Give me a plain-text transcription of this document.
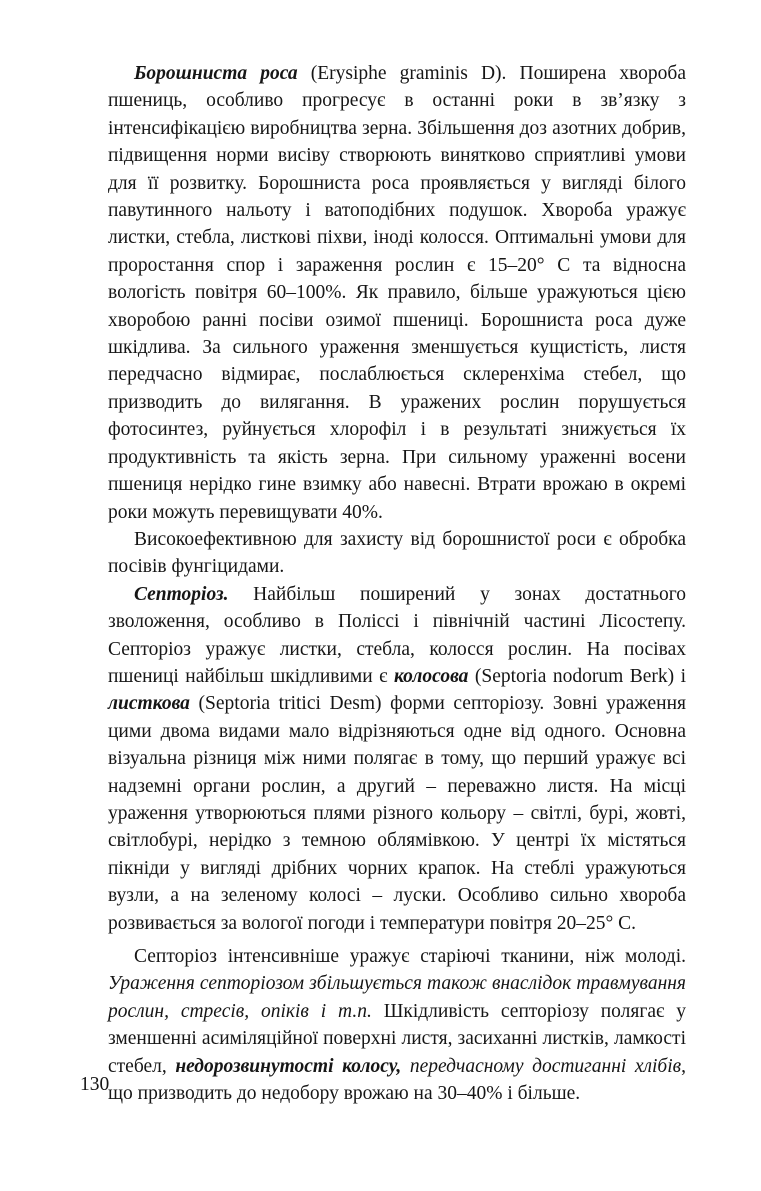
Борошниста роса (Erysiphe graminis D). Поширена хвороба пшениць, особливо прогресує в останні роки в зв’язку з інтенсифікацією виробництва зерна. Збільшення доз азотних добрив, підвищення норми висіву створюють винятково сприятливі умови для її розвитку. Борошниста роса проявляється у вигляді білого павутинного нальоту і ватоподібних подушок. Хвороба уражує листки, стебла, листкові піхви, іноді колосся. Оптимальні умови для проростання спор і зараження рослин є 15–20° С та відносна вологість повітря 60–100%. Як правило, більше уражуються цією хворобою ранні посіви озимої пшениці. Борошниста роса дуже шкідлива. За сильного ураження зменшується кущистість, листя передчасно відмирає, послаблюється склеренхіма стебел, що призводить до вилягання. В уражених рослин порушується фотосинтез, руйнується хлорофіл і в результаті знижується їх продуктивність та якість зерна. При сильному ураженні восени пшениця нерідко гине взимку або навесні. Втрати врожаю в окремі роки можуть перевищувати 40%.

Високоефективною для захисту від борошнистої роси є обробка посівів фунгіцидами.

Септоріоз. Найбільш поширений у зонах достатнього зволоження, особливо в Поліссі і північній частині Лісостепу. Септоріоз уражує листки, стебла, колосся рослин. На посівах пшениці найбільш шкідливими є колосова (Septoria nodorum Berk) і листкова (Septoria tritici Desm) форми септоріозу. Зовні ураження цими двома видами мало відрізняються одне від одного. Основна візуальна різниця між ними полягає в тому, що перший уражує всі надземні органи рослин, а другий – переважно листя. На місці ураження утворюються плями різного кольору – світлі, бурі, жовті, світлобурі, нерідко з темною облямівкою. У центрі їх містяться пікніди у вигляді дрібних чорних крапок. На стеблі уражуються вузли, а на зеленому колосі – луски. Особливо сильно хвороба розвивається за вологої погоди і температури повітря 20–25° С.

Септоріоз інтенсивніше уражує старіючі тканини, ніж молоді. Ураження септоріозом збільшується також внаслідок травмування рослин, стресів, опіків і т.п. Шкідливість септоріозу полягає у зменшенні асиміляційної поверхні листя, засиханні листків, ламкості стебел, недорозвинутості колосу, передчасному достиганні хлібів, що призводить до недобору врожаю на 30–40% і більше.

130
